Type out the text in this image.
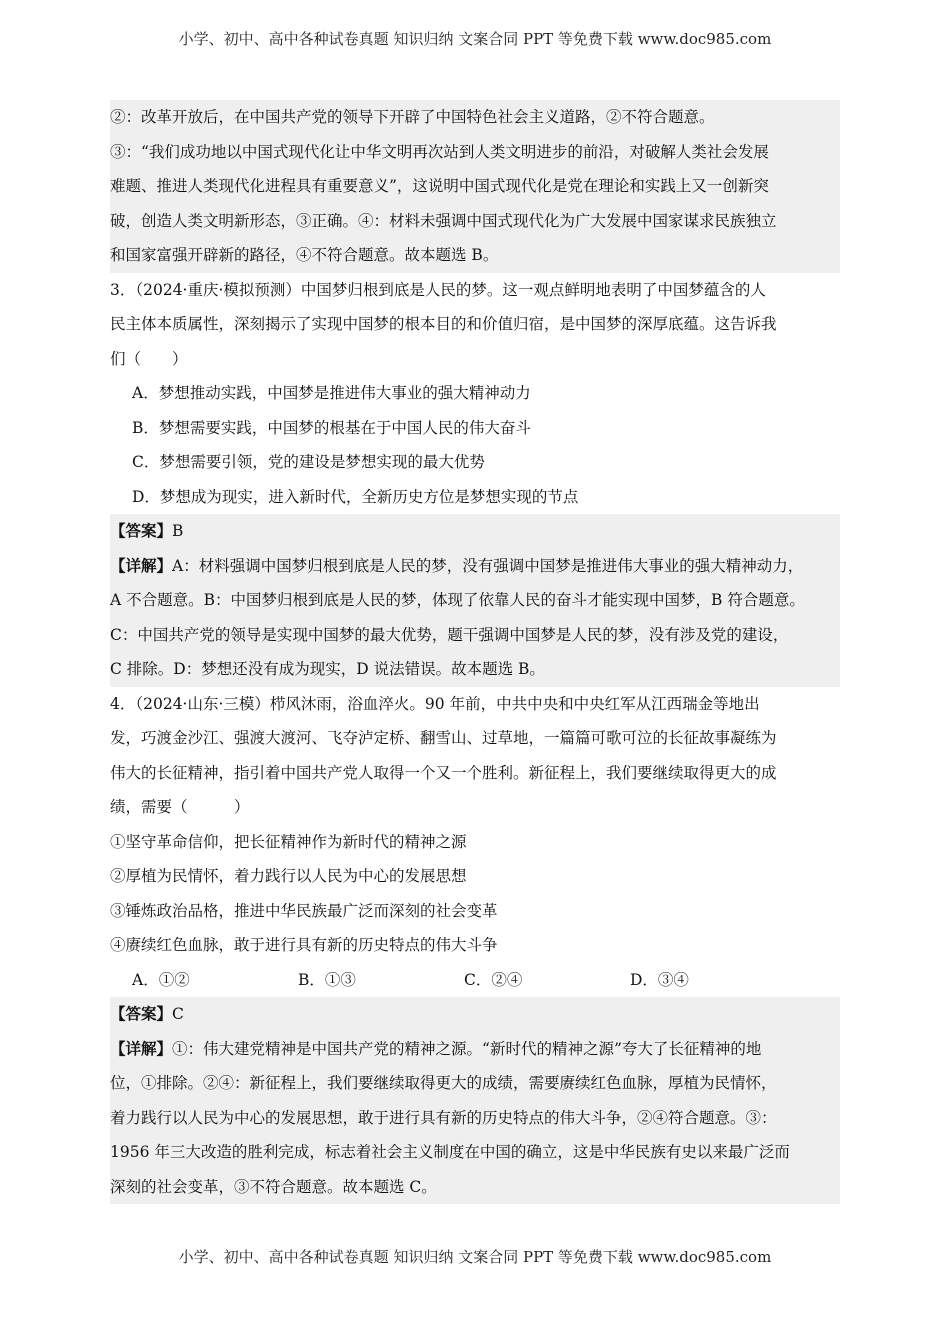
小学、初中、高中各种试卷真题 知识归纳 文案合同 PPT 等免费下载 www.doc985.com
②：改革开放后，在中国共产党的领导下开辟了中国特色社会主义道路，②不符合题意。
③：“我们成功地以中国式现代化让中华文明再次站到人类文明进步的前沿，对破解人类社会发展
难题、推进人类现代化进程具有重要意义”，这说明中国式现代化是党在理论和实践上又一创新突
破，创造人类文明新形态，③正确。④：材料未强调中国式现代化为广大发展中国家谋求民族独立
和国家富强开辟新的路径，④不符合题意。故本题选 B。
3．（2024·重庆·模拟预测）中国梦归根到底是人民的梦。这一观点鲜明地表明了中国梦蕴含的人
民主体本质属性，深刻揭示了实现中国梦的根本目的和价值归宿，是中国梦的深厚底蕴。这告诉我
们（　　）
A．梦想推动实践，中国梦是推进伟大事业的强大精神动力
B．梦想需要实践，中国梦的根基在于中国人民的伟大奋斗
C．梦想需要引领，党的建设是梦想实现的最大优势
D．梦想成为现实，进入新时代，全新历史方位是梦想实现的节点
【答案】B
【详解】A：材料强调中国梦归根到底是人民的梦，没有强调中国梦是推进伟大事业的强大精神动力，
A 不合题意。B：中国梦归根到底是人民的梦，体现了依靠人民的奋斗才能实现中国梦，B 符合题意。
C：中国共产党的领导是实现中国梦的最大优势，题干强调中国梦是人民的梦，没有涉及党的建设，
C 排除。D：梦想还没有成为现实，D 说法错误。故本题选 B。
4．（2024·山东·三模）栉风沐雨，浴血淬火。90 年前，中共中央和中央红军从江西瑞金等地出
发，巧渡金沙江、强渡大渡河、飞夺泸定桥、翻雪山、过草地，一篇篇可歌可泣的长征故事凝练为
伟大的长征精神，指引着中国共产党人取得一个又一个胜利。新征程上，我们要继续取得更大的成
绩，需要（　　　）
①坚守革命信仰，把长征精神作为新时代的精神之源
②厚植为民情怀，着力践行以人民为中心的发展思想
③锤炼政治品格，推进中华民族最广泛而深刻的社会变革
④赓续红色血脉，敢于进行具有新的历史特点的伟大斗争
A．①②	B．①③	C．②④	D．③④
【答案】C
【详解】①：伟大建党精神是中国共产党的精神之源。“新时代的精神之源”夸大了长征精神的地
位，①排除。②④：新征程上，我们要继续取得更大的成绩，需要赓续红色血脉，厚植为民情怀，
着力践行以人民为中心的发展思想，敢于进行具有新的历史特点的伟大斗争，②④符合题意。③：
1956 年三大改造的胜利完成，标志着社会主义制度在中国的确立，这是中华民族有史以来最广泛而
深刻的社会变革，③不符合题意。故本题选 C。
小学、初中、高中各种试卷真题 知识归纳 文案合同 PPT 等免费下载 www.doc985.com
